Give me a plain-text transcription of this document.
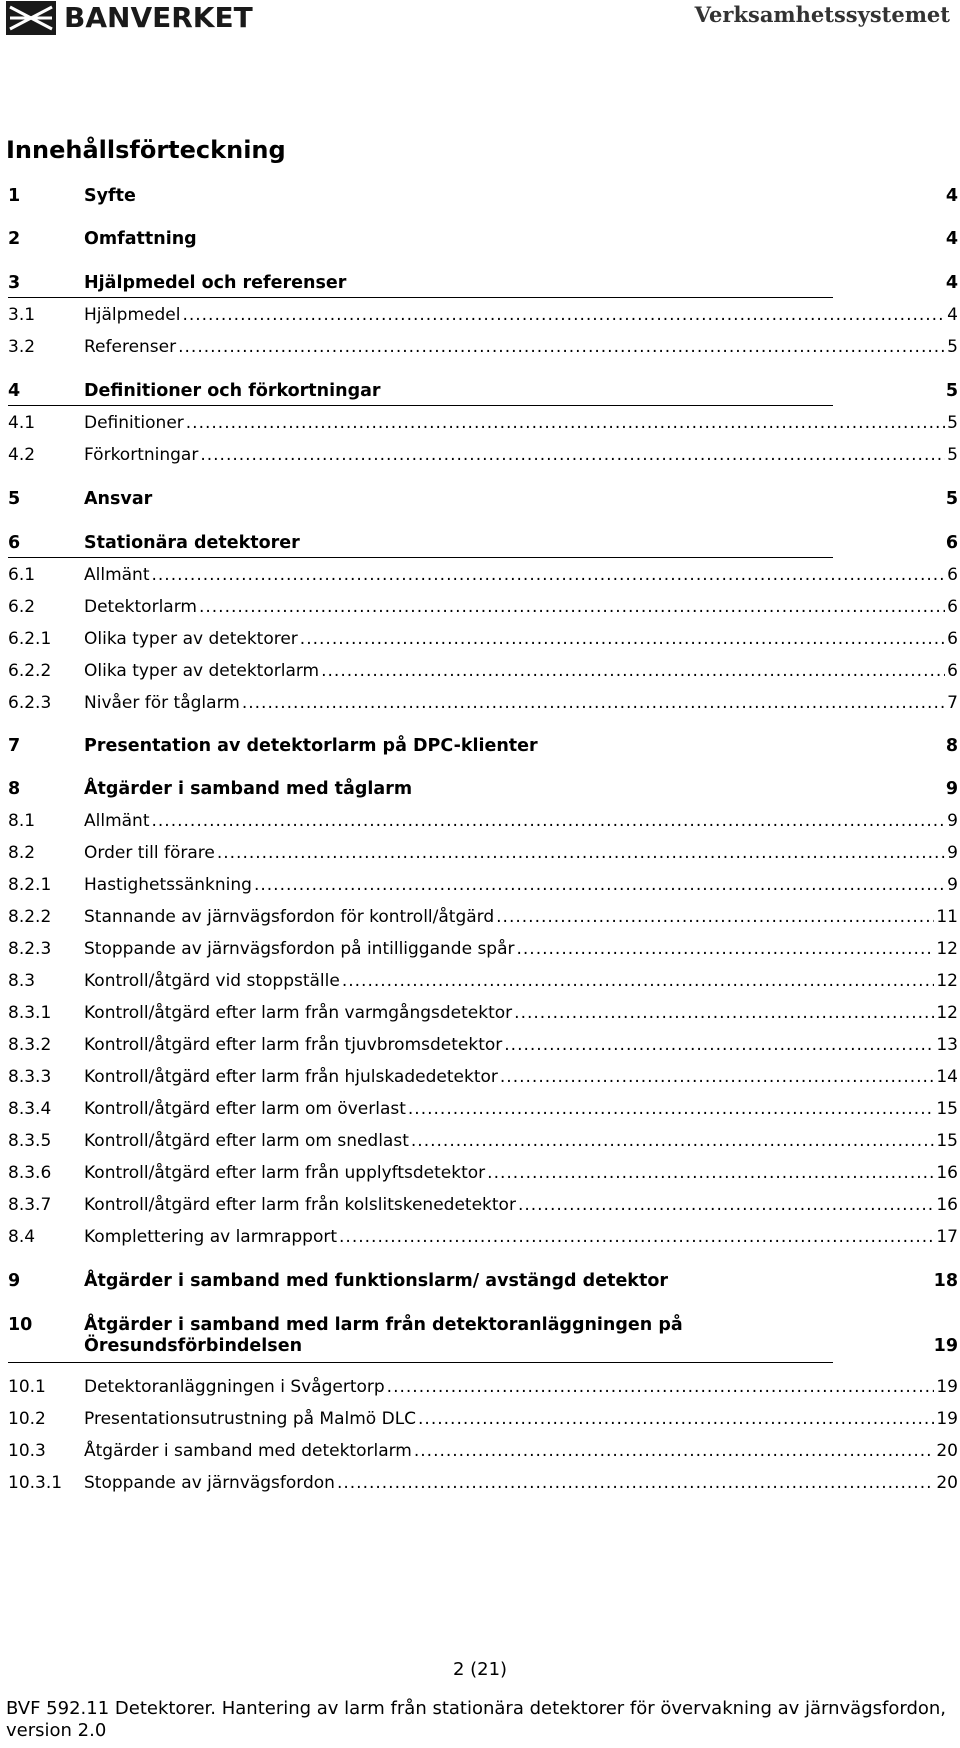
BANVERKET	Verksamhetssystemet
Innehållsförteckning
1	Syfte	4
2	Omfattning	4
3	Hjälpmedel och referenser	4
3.1	Hjälpmedel .....	4
3.2	Referenser .....	5
4	Definitioner och förkortningar	5
4.1	Definitioner .....	5
4.2	Förkortningar .....	5
5	Ansvar	5
6	Stationära detektorer	6
6.1	Allmänt .....	6
6.2	Detektorlarm .....	6
6.2.1 Olika typer av detektorer .....	6
6.2.2 Olika typer av detektorlarm .....	6
6.2.3 Nivåer för tåglarm .....	7
7	Presentation av detektorlarm på DPC-klienter	8
8	Åtgärder i samband med tåglarm	9
8.1	Allmänt .....	9
8.2	Order till förare .....	9
8.2.1 Hastighetssänkning .....	9
8.2.2 Stannande av järnvägsfordon för kontroll/åtgärd .....	11
8.2.3 Stoppande av järnvägsfordon på intilliggande spår .....	12
8.3	Kontroll/åtgärd vid stoppställe .....	12
8.3.1 Kontroll/åtgärd efter larm från varmgångsdetektor .....	12
8.3.2 Kontroll/åtgärd efter larm från tjuvbromsdetektor .....	13
8.3.3 Kontroll/åtgärd efter larm från hjulskadedetektor .....	14
8.3.4 Kontroll/åtgärd efter larm om överlast .....	15
8.3.5 Kontroll/åtgärd efter larm om snedlast .....	15
8.3.6 Kontroll/åtgärd efter larm från upplyftsdetektor .....	16
8.3.7 Kontroll/åtgärd efter larm från kolslitskenedetektor .....	16
8.4	Komplettering av larmrapport .....	17
9	Åtgärder i samband med funktionslarm/ avstängd detektor	18
10	Åtgärder i samband med larm från detektoranläggningen på
Öresundsförbindelsen	19
10.1 Detektoranläggningen i Svågertorp .....	19
10.2 Presentationsutrustning på Malmö DLC .....	19
10.3 Åtgärder i samband med detektorlarm .....	20
10.3.1 Stoppande av järnvägsfordon .....	20
2 (21)
BVF 592.11 Detektorer. Hantering av larm från stationära detektorer för övervakning av järnvägsfordon, version 2.0
